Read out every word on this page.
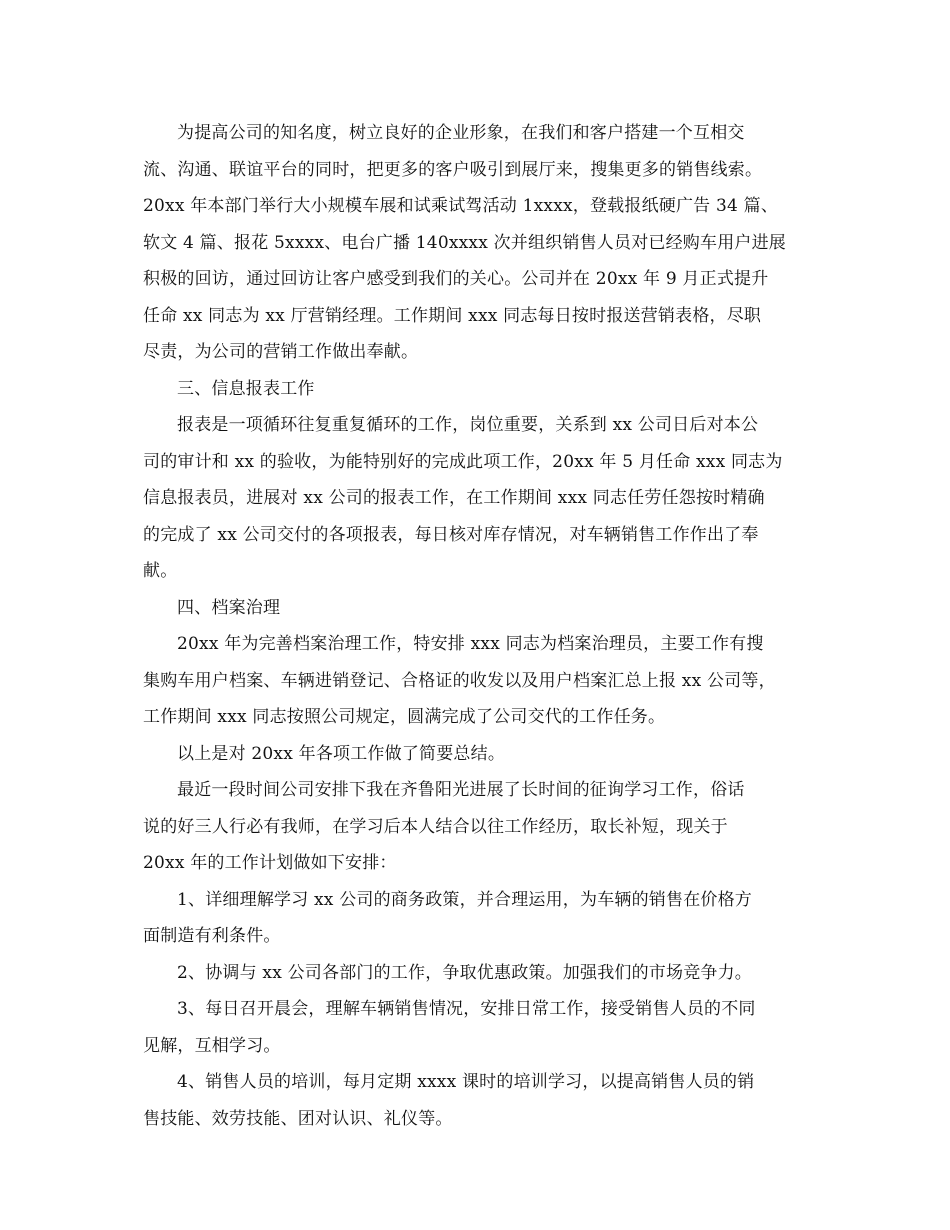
为提高公司的知名度，树立良好的企业形象，在我们和客户搭建一个互相交
流、沟通、联谊平台的同时，把更多的客户吸引到展厅来，搜集更多的销售线索。
20xx 年本部门举行大小规模车展和试乘试驾活动 1xxxx，登载报纸硬广告 34 篇、
软文 4 篇、报花 5xxxx、电台广播 140xxxx 次并组织销售人员对已经购车用户进展
积极的回访，通过回访让客户感受到我们的关心。公司并在 20xx 年 9 月正式提升
任命 xx 同志为 xx 厅营销经理。工作期间 xxx 同志每日按时报送营销表格，尽职
尽责，为公司的营销工作做出奉献。
三、信息报表工作
报表是一项循环往复重复循环的工作，岗位重要，关系到 xx 公司日后对本公
司的审计和 xx 的验收，为能特别好的完成此项工作，20xx 年 5 月任命 xxx 同志为
信息报表员，进展对 xx 公司的报表工作，在工作期间 xxx 同志任劳任怨按时精确
的完成了 xx 公司交付的各项报表，每日核对库存情况，对车辆销售工作作出了奉
献。
四、档案治理
20xx 年为完善档案治理工作，特安排 xxx 同志为档案治理员，主要工作有搜
集购车用户档案、车辆进销登记、合格证的收发以及用户档案汇总上报 xx 公司等，
工作期间 xxx 同志按照公司规定，圆满完成了公司交代的工作任务。
以上是对 20xx 年各项工作做了简要总结。
最近一段时间公司安排下我在齐鲁阳光进展了长时间的征询学习工作，俗话
说的好三人行必有我师，在学习后本人结合以往工作经历，取长补短，现关于
20xx 年的工作计划做如下安排：
1、详细理解学习 xx 公司的商务政策，并合理运用，为车辆的销售在价格方
面制造有利条件。
2、协调与 xx 公司各部门的工作，争取优惠政策。加强我们的市场竞争力。
3、每日召开晨会，理解车辆销售情况，安排日常工作，接受销售人员的不同
见解，互相学习。
4、销售人员的培训，每月定期 xxxx 课时的培训学习，以提高销售人员的销
售技能、效劳技能、团对认识、礼仪等。
